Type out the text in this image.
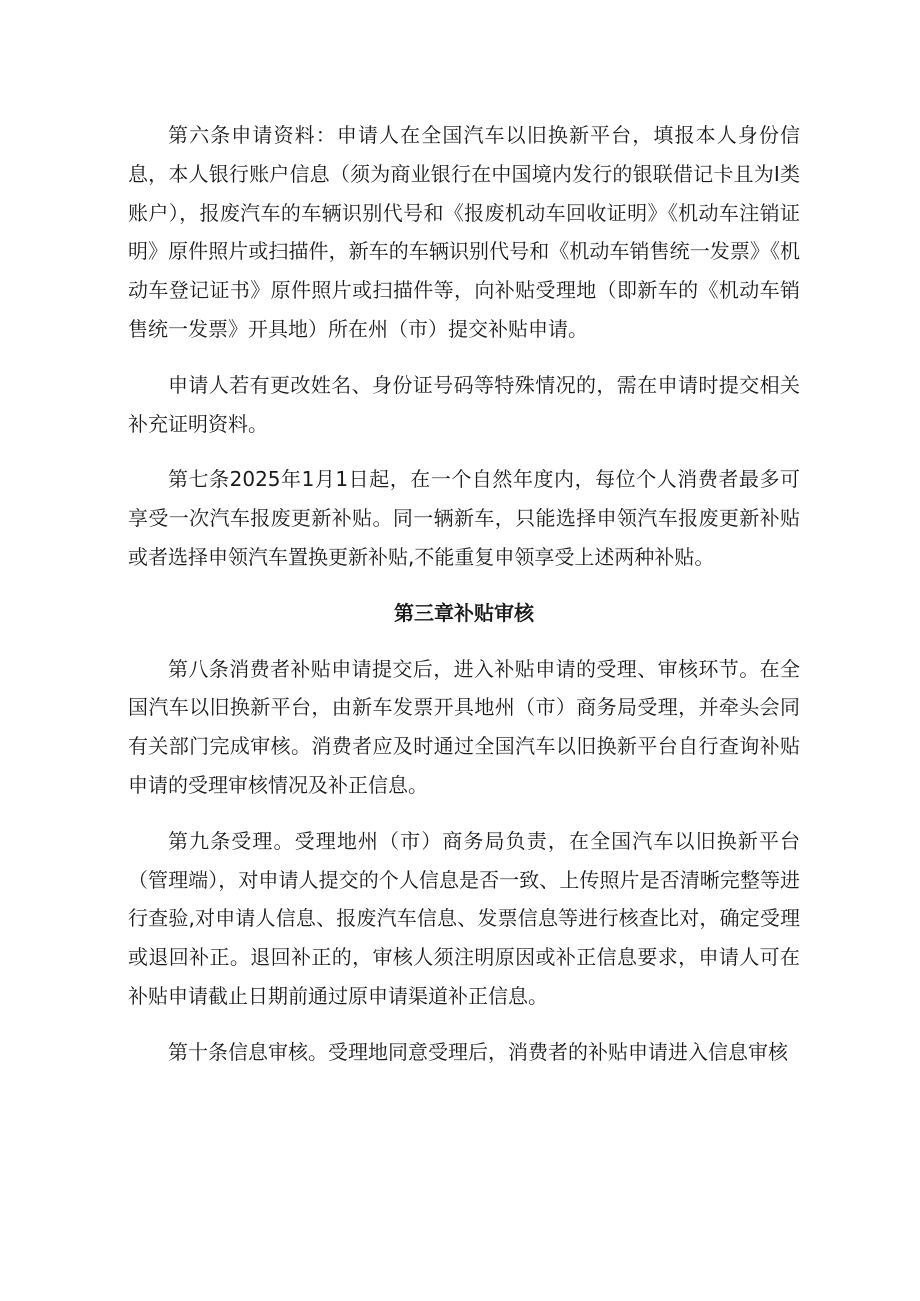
第六条申请资料：申请人在全国汽车以旧换新平台，填报本人身份信息，本人银行账户信息（须为商业银行在中国境内发行的银联借记卡且为I类账户），报废汽车的车辆识别代号和《报废机动车回收证明》《机动车注销证明》原件照片或扫描件，新车的车辆识别代号和《机动车销售统一发票》《机动车登记证书》原件照片或扫描件等，向补贴受理地（即新车的《机动车销售统一发票》开具地）所在州（市）提交补贴申请。

申请人若有更改姓名、身份证号码等特殊情况的，需在申请时提交相关补充证明资料。

第七条2025年1月1日起，在一个自然年度内，每位个人消费者最多可享受一次汽车报废更新补贴。同一辆新车，只能选择申领汽车报废更新补贴或者选择申领汽车置换更新补贴,不能重复申领享受上述两种补贴。

第三章补贴审核

第八条消费者补贴申请提交后，进入补贴申请的受理、审核环节。在全国汽车以旧换新平台，由新车发票开具地州（市）商务局受理，并牵头会同有关部门完成审核。消费者应及时通过全国汽车以旧换新平台自行查询补贴申请的受理审核情况及补正信息。

第九条受理。受理地州（市）商务局负责，在全国汽车以旧换新平台（管理端），对申请人提交的个人信息是否一致、上传照片是否清晰完整等进行查验,对申请人信息、报废汽车信息、发票信息等进行核查比对，确定受理或退回补正。退回补正的，审核人须注明原因或补正信息要求，申请人可在补贴申请截止日期前通过原申请渠道补正信息。

第十条信息审核。受理地同意受理后，消费者的补贴申请进入信息审核
